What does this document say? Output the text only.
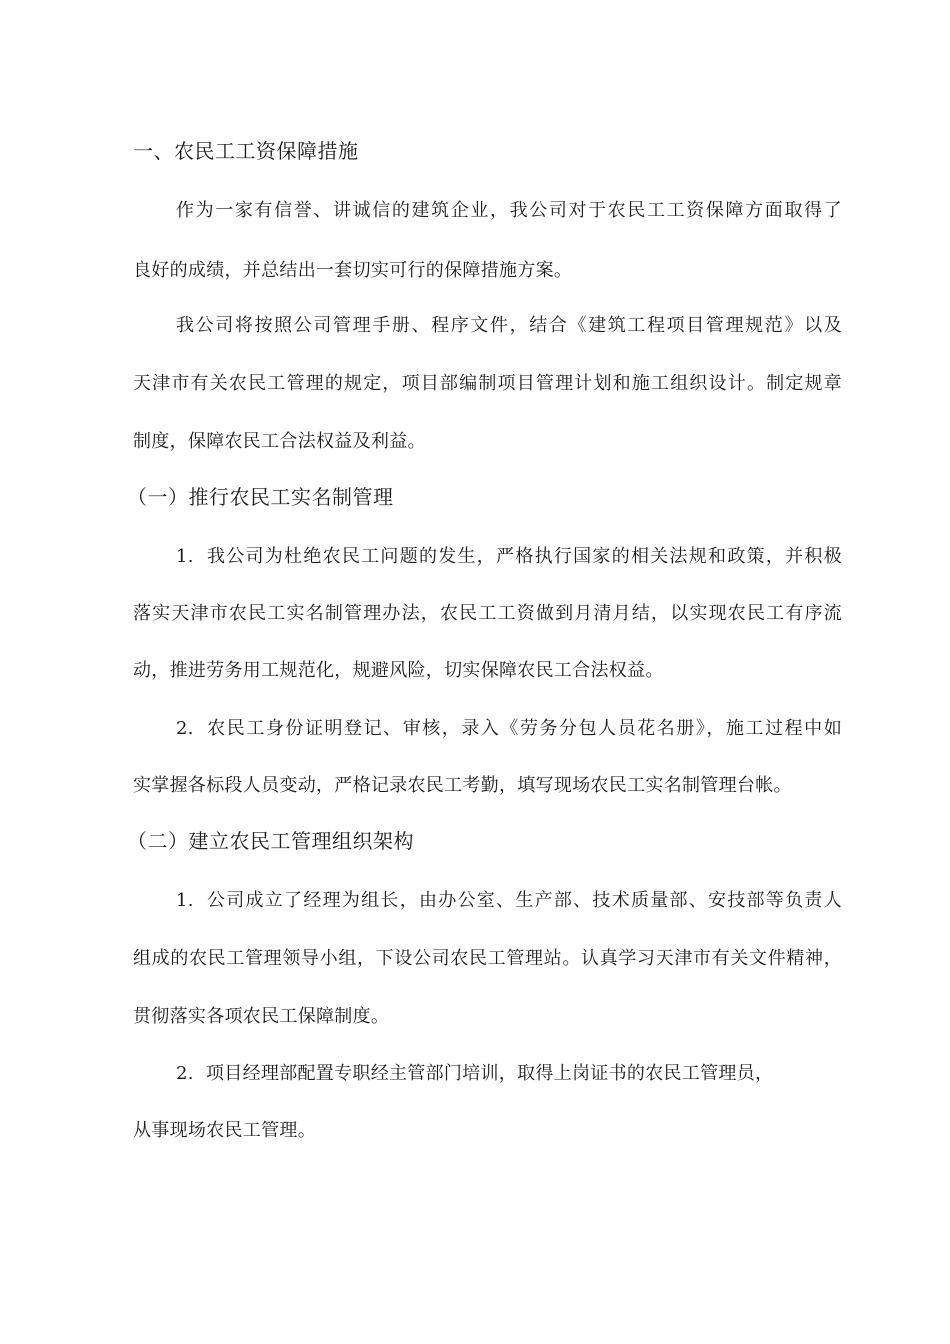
一、农民工工资保障措施
作为一家有信誉、讲诚信的建筑企业，我公司对于农民工工资保障方面取得了
良好的成绩，并总结出一套切实可行的保障措施方案。
我公司将按照公司管理手册、程序文件，结合《建筑工程项目管理规范》以及
天津市有关农民工管理的规定，项目部编制项目管理计划和施工组织设计。制定规章
制度，保障农民工合法权益及利益。
（一）推行农民工实名制管理
1. 我公司为杜绝农民工问题的发生，严格执行国家的相关法规和政策，并积极
落实天津市农民工实名制管理办法，农民工工资做到月清月结，以实现农民工有序流
动，推进劳务用工规范化，规避风险，切实保障农民工合法权益。
2. 农民工身份证明登记、审核，录入《劳务分包人员花名册》，施工过程中如
实掌握各标段人员变动，严格记录农民工考勤，填写现场农民工实名制管理台帐。
（二）建立农民工管理组织架构
1. 公司成立了经理为组长，由办公室、生产部、技术质量部、安技部等负责人
组成的农民工管理领导小组，下设公司农民工管理站。认真学习天津市有关文件精神，
贯彻落实各项农民工保障制度。
2. 项目经理部配置专职经主管部门培训，取得上岗证书的农民工管理员，
从事现场农民工管理。
